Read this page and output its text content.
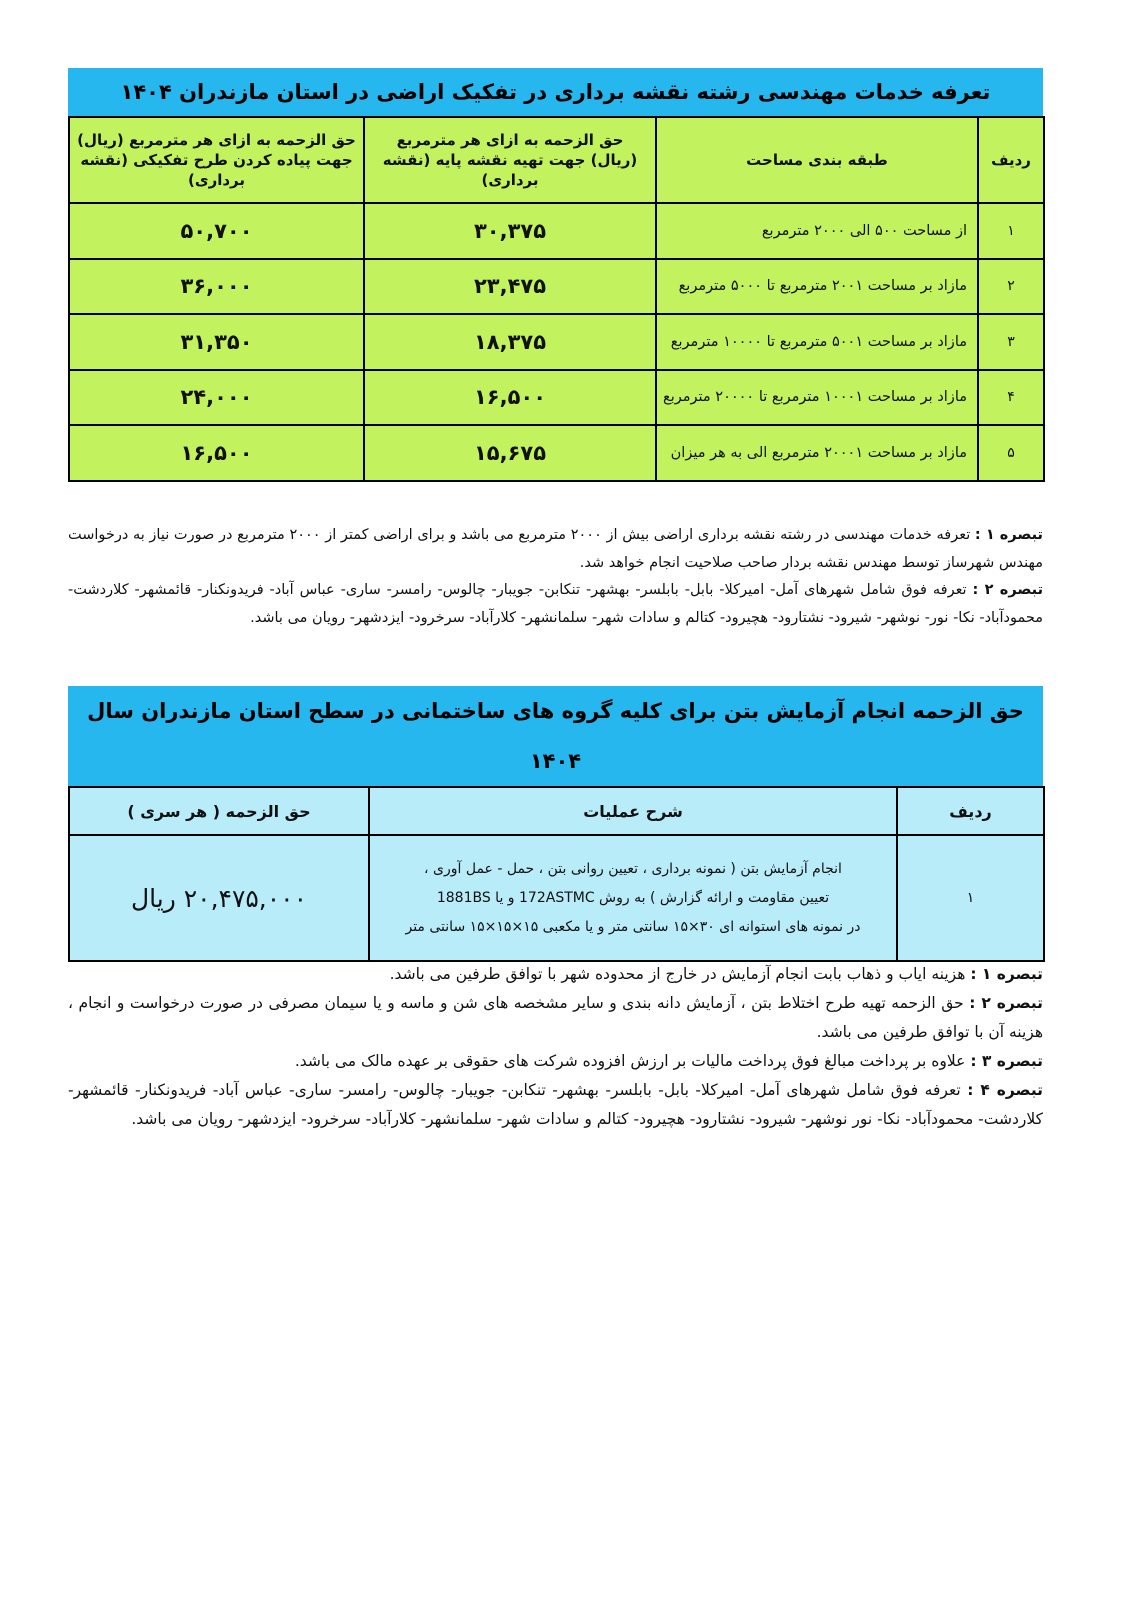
تعرفه خدمات مهندسی رشته نقشه برداری در تفکیک اراضی در استان مازندران ۱۴۰۴
ردیف	طبقه بندی مساحت	حق الزحمه به ازای هر مترمربع (ریال) جهت تهیه نقشه پایه (نقشه برداری)	حق الزحمه به ازای هر مترمربع (ریال) جهت پیاده کردن طرح تفکیکی (نقشه برداری)
۱	از مساحت ۵۰۰ الی ۲۰۰۰ مترمربع	۳۰,۳۷۵	۵۰,۷۰۰
۲	مازاد بر مساحت ۲۰۰۱ مترمربع تا ۵۰۰۰ مترمربع	۲۳,۴۷۵	۳۶,۰۰۰
۳	مازاد بر مساحت ۵۰۰۱ مترمربع تا ۱۰۰۰۰ مترمربع	۱۸,۳۷۵	۳۱,۳۵۰
۴	مازاد بر مساحت ۱۰۰۰۱ مترمربع تا ۲۰۰۰۰ مترمربع	۱۶,۵۰۰	۲۴,۰۰۰
۵	مازاد بر مساحت ۲۰۰۰۱ مترمربع الی به هر میزان	۱۵,۶۷۵	۱۶,۵۰۰

تبصره ۱ : تعرفه خدمات مهندسی در رشته نقشه برداری اراضی بیش از ۲۰۰۰ مترمربع می باشد و برای اراضی کمتر از ۲۰۰۰ مترمربع در صورت نیاز به درخواست مهندس شهرساز توسط مهندس نقشه بردار صاحب صلاحیت انجام خواهد شد.

تبصره ۲ : تعرفه فوق شامل شهرهای آمل- امیرکلا- بابل- بابلسر- بهشهر- تنکابن- جویبار- چالوس- رامسر- ساری- عباس آباد- فریدونکنار- قائمشهر- کلاردشت- محمودآباد- نکا- نور- نوشهر- شیرود- نشتارود- هچیرود- کتالم و سادات شهر- سلمانشهر- کلارآباد- سرخرود- ایزدشهر- رویان می باشد.

حق الزحمه انجام آزمایش بتن برای کلیه گروه های ساختمانی در سطح استان مازندران سال ۱۴۰۴
ردیف	شرح عملیات	حق الزحمه ( هر سری )
۱	انجام آزمایش بتن ( نمونه برداری ، تعیین روانی بتن ، حمل - عمل آوری ،
تعیین مقاومت و ارائه گزارش ) به روش 172ASTMC و یا 1881BS
در نمونه های استوانه ای ۳۰×۱۵ سانتی متر و یا مکعبی ۱۵×۱۵×۱۵ سانتی متر	۲۰,۴۷۵,۰۰۰ ریال

تبصره ۱ : هزینه ایاب و ذهاب بابت انجام آزمایش در خارج از محدوده شهر با توافق طرفین می باشد.

تبصره ۲ : حق الزحمه تهیه طرح اختلاط بتن ، آزمایش دانه بندی و سایر مشخصه های شن و ماسه و یا سیمان مصرفی در صورت درخواست و انجام ، هزینه آن با توافق طرفین می باشد.

تبصره ۳ : علاوه بر پرداخت مبالغ فوق پرداخت مالیات بر ارزش افزوده شرکت های حقوقی بر عهده مالک می باشد.

تبصره ۴ : تعرفه فوق شامل شهرهای آمل- امیرکلا- بابل- بابلسر- بهشهر- تنکابن- جویبار- چالوس- رامسر- ساری- عباس آباد- فریدونکنار- قائمشهر- کلاردشت- محمودآباد- نکا- نور نوشهر- شیرود- نشتارود- هچیرود- کتالم و سادات شهر- سلمانشهر- کلارآباد- سرخرود- ایزدشهر- رویان می باشد.
